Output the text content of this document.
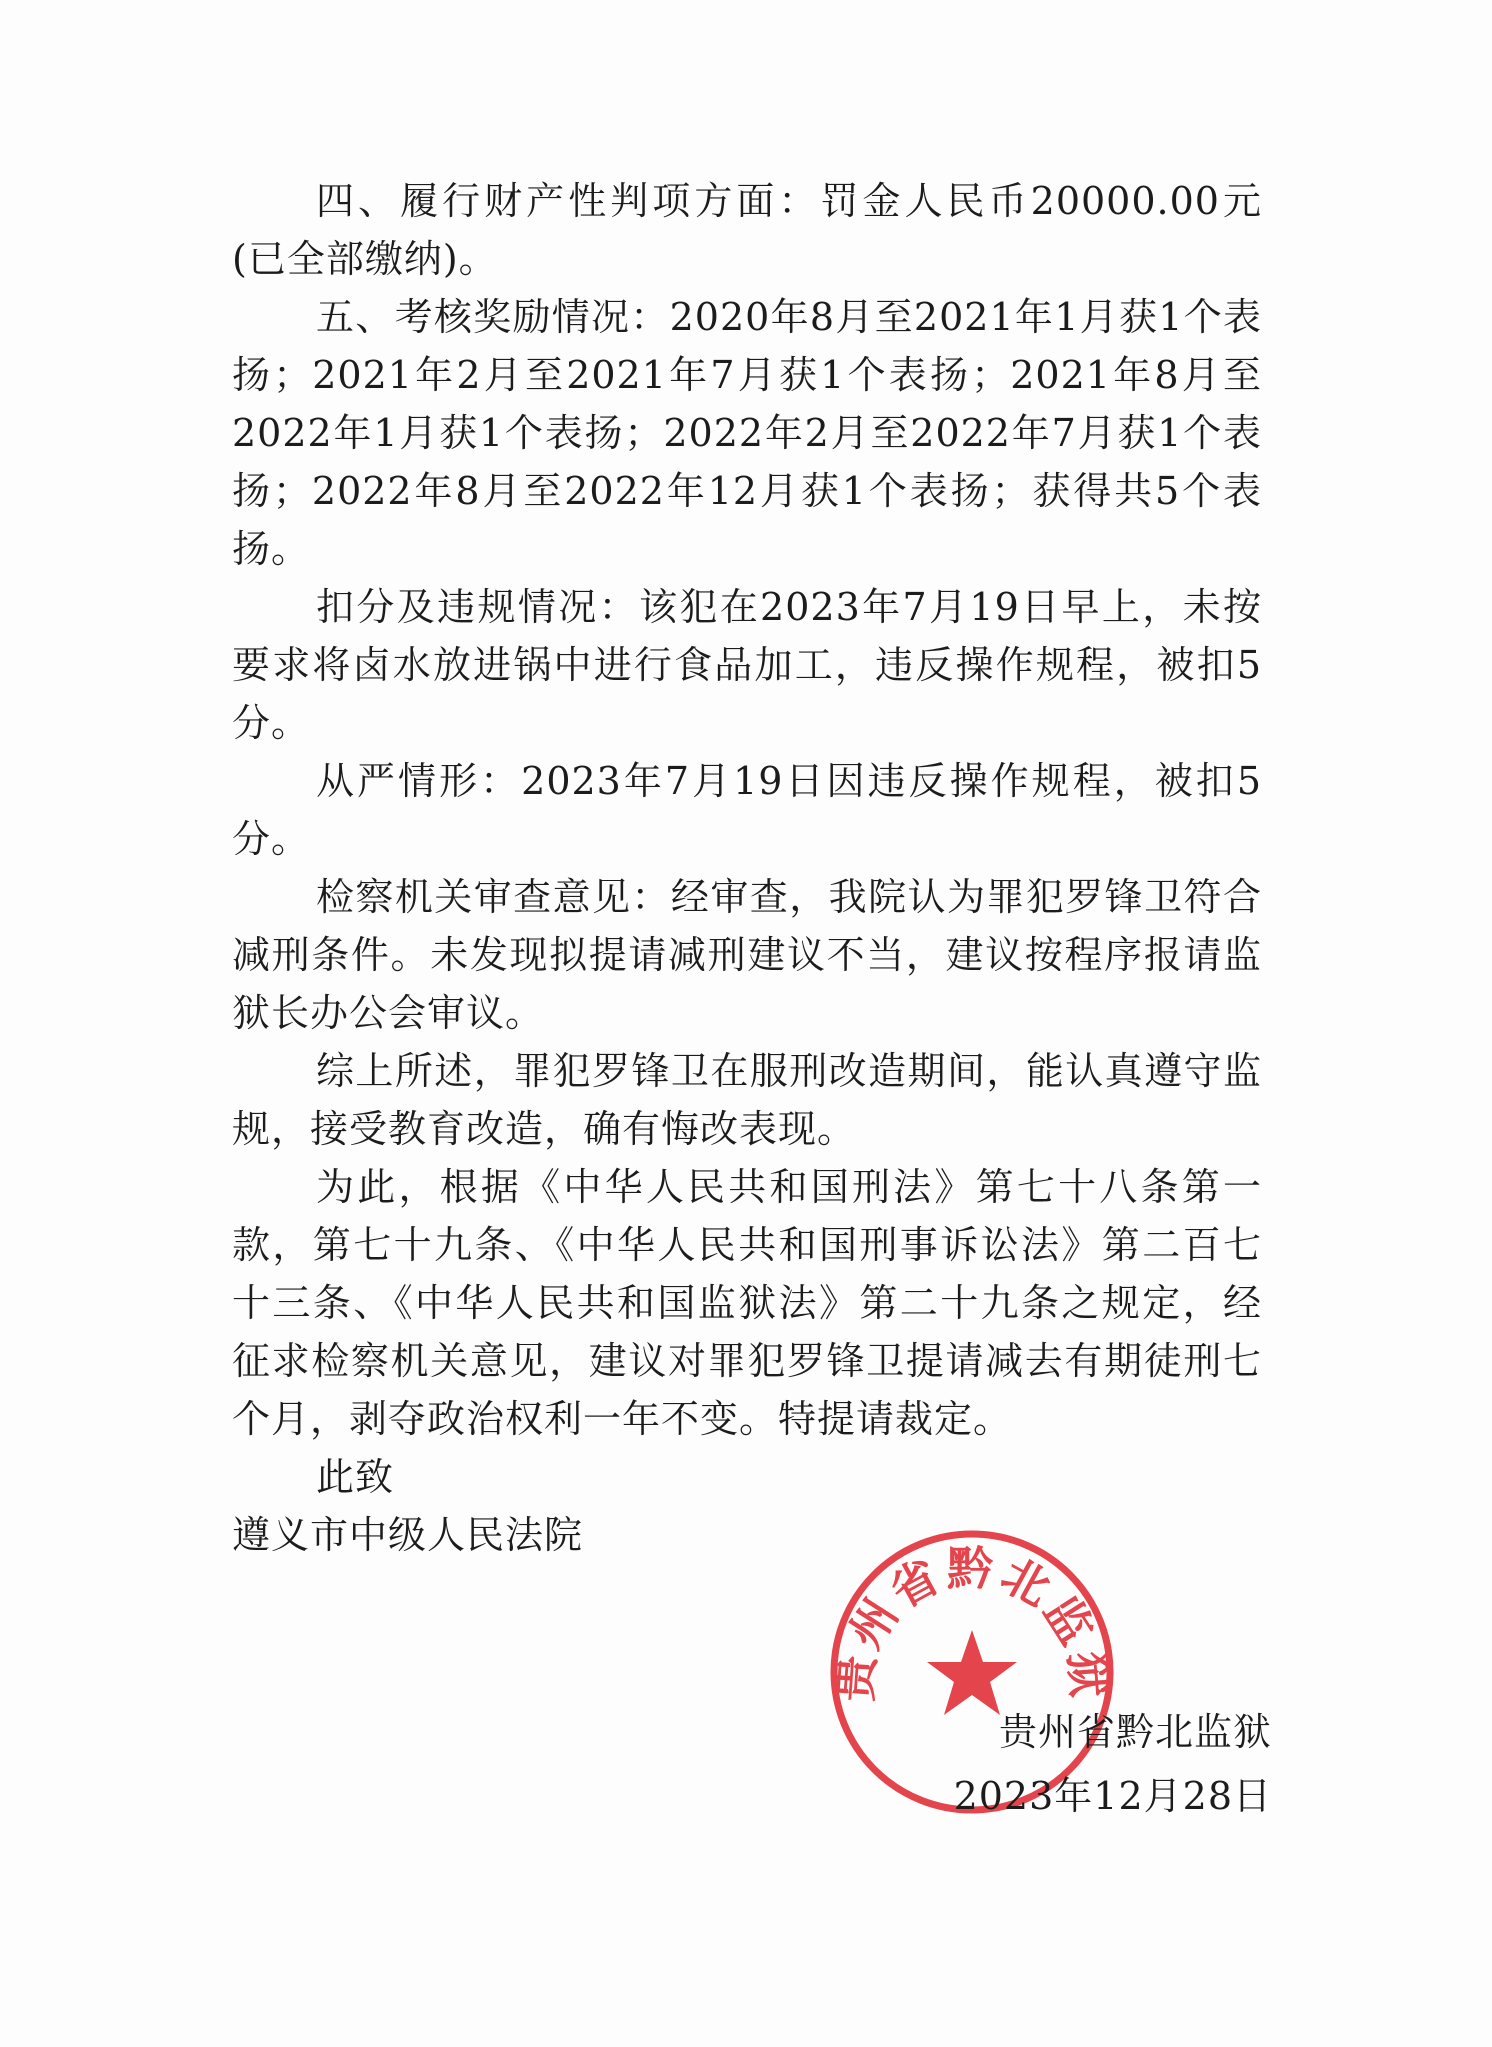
四、履行财产性判项方面：罚金人民币20000.00元(已全部缴纳)。

五、考核奖励情况：2020年8月至2021年1月获1个表扬；2021年2月至2021年7月获1个表扬；2021年8月至2022年1月获1个表扬；2022年2月至2022年7月获1个表扬；2022年8月至2022年12月获1个表扬；获得共5个表扬。

扣分及违规情况：该犯在2023年7月19日早上，未按要求将卤水放进锅中进行食品加工，违反操作规程，被扣5分。

从严情形：2023年7月19日因违反操作规程，被扣5分。

检察机关审查意见：经审查，我院认为罪犯罗锋卫符合减刑条件。未发现拟提请减刑建议不当，建议按程序报请监狱长办公会审议。

综上所述，罪犯罗锋卫在服刑改造期间，能认真遵守监规，接受教育改造，确有悔改表现。

为此，根据《中华人民共和国刑法》第七十八条第一款，第七十九条、《中华人民共和国刑事诉讼法》第二百七十三条、《中华人民共和国监狱法》第二十九条之规定，经征求检察机关意见，建议对罪犯罗锋卫提请减去有期徒刑七个月，剥夺政治权利一年不变。特提请裁定。

此致

遵义市中级人民法院

贵州省黔北监狱
贵州省黔北监狱
2023年12月28日
